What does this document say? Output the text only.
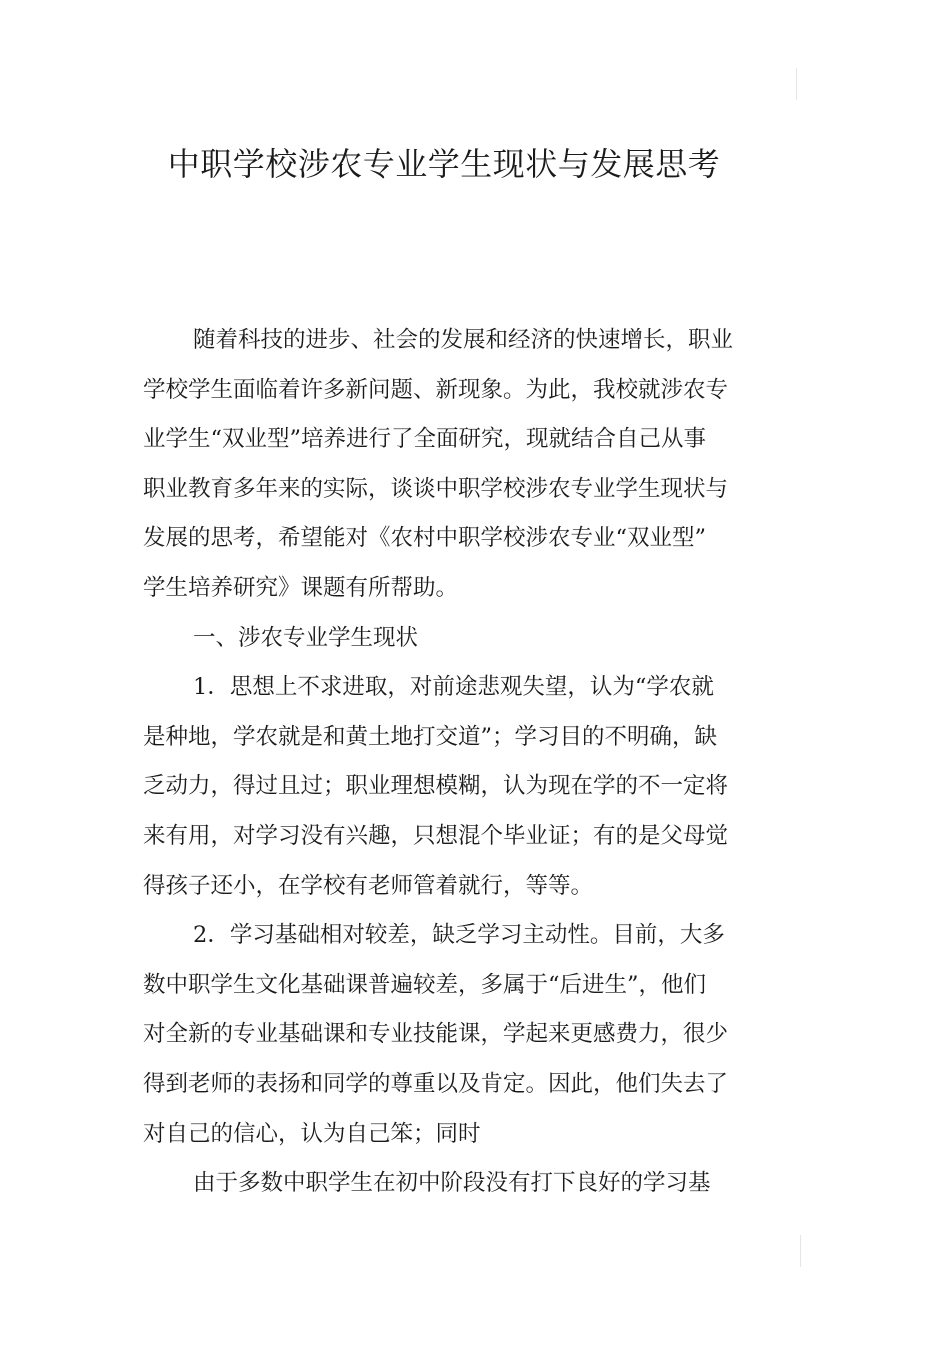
中职学校涉农专业学生现状与发展思考
随着科技的进步、社会的发展和经济的快速增长，职业
学校学生面临着许多新问题、新现象。为此，我校就涉农专
业学生“双业型”培养进行了全面研究，现就结合自己从事
职业教育多年来的实际，谈谈中职学校涉农专业学生现状与
发展的思考，希望能对《农村中职学校涉农专业“双业型”
学生培养研究》课题有所帮助。
一、涉农专业学生现状
1．思想上不求进取，对前途悲观失望，认为“学农就
是种地，学农就是和黄土地打交道”；学习目的不明确，缺
乏动力，得过且过；职业理想模糊，认为现在学的不一定将
来有用，对学习没有兴趣，只想混个毕业证；有的是父母觉
得孩子还小，在学校有老师管着就行，等等。
2．学习基础相对较差，缺乏学习主动性。目前，大多
数中职学生文化基础课普遍较差，多属于“后进生”，他们
对全新的专业基础课和专业技能课，学起来更感费力，很少
得到老师的表扬和同学的尊重以及肯定。因此，他们失去了
对自己的信心，认为自己笨；同时
由于多数中职学生在初中阶段没有打下良好的学习基
